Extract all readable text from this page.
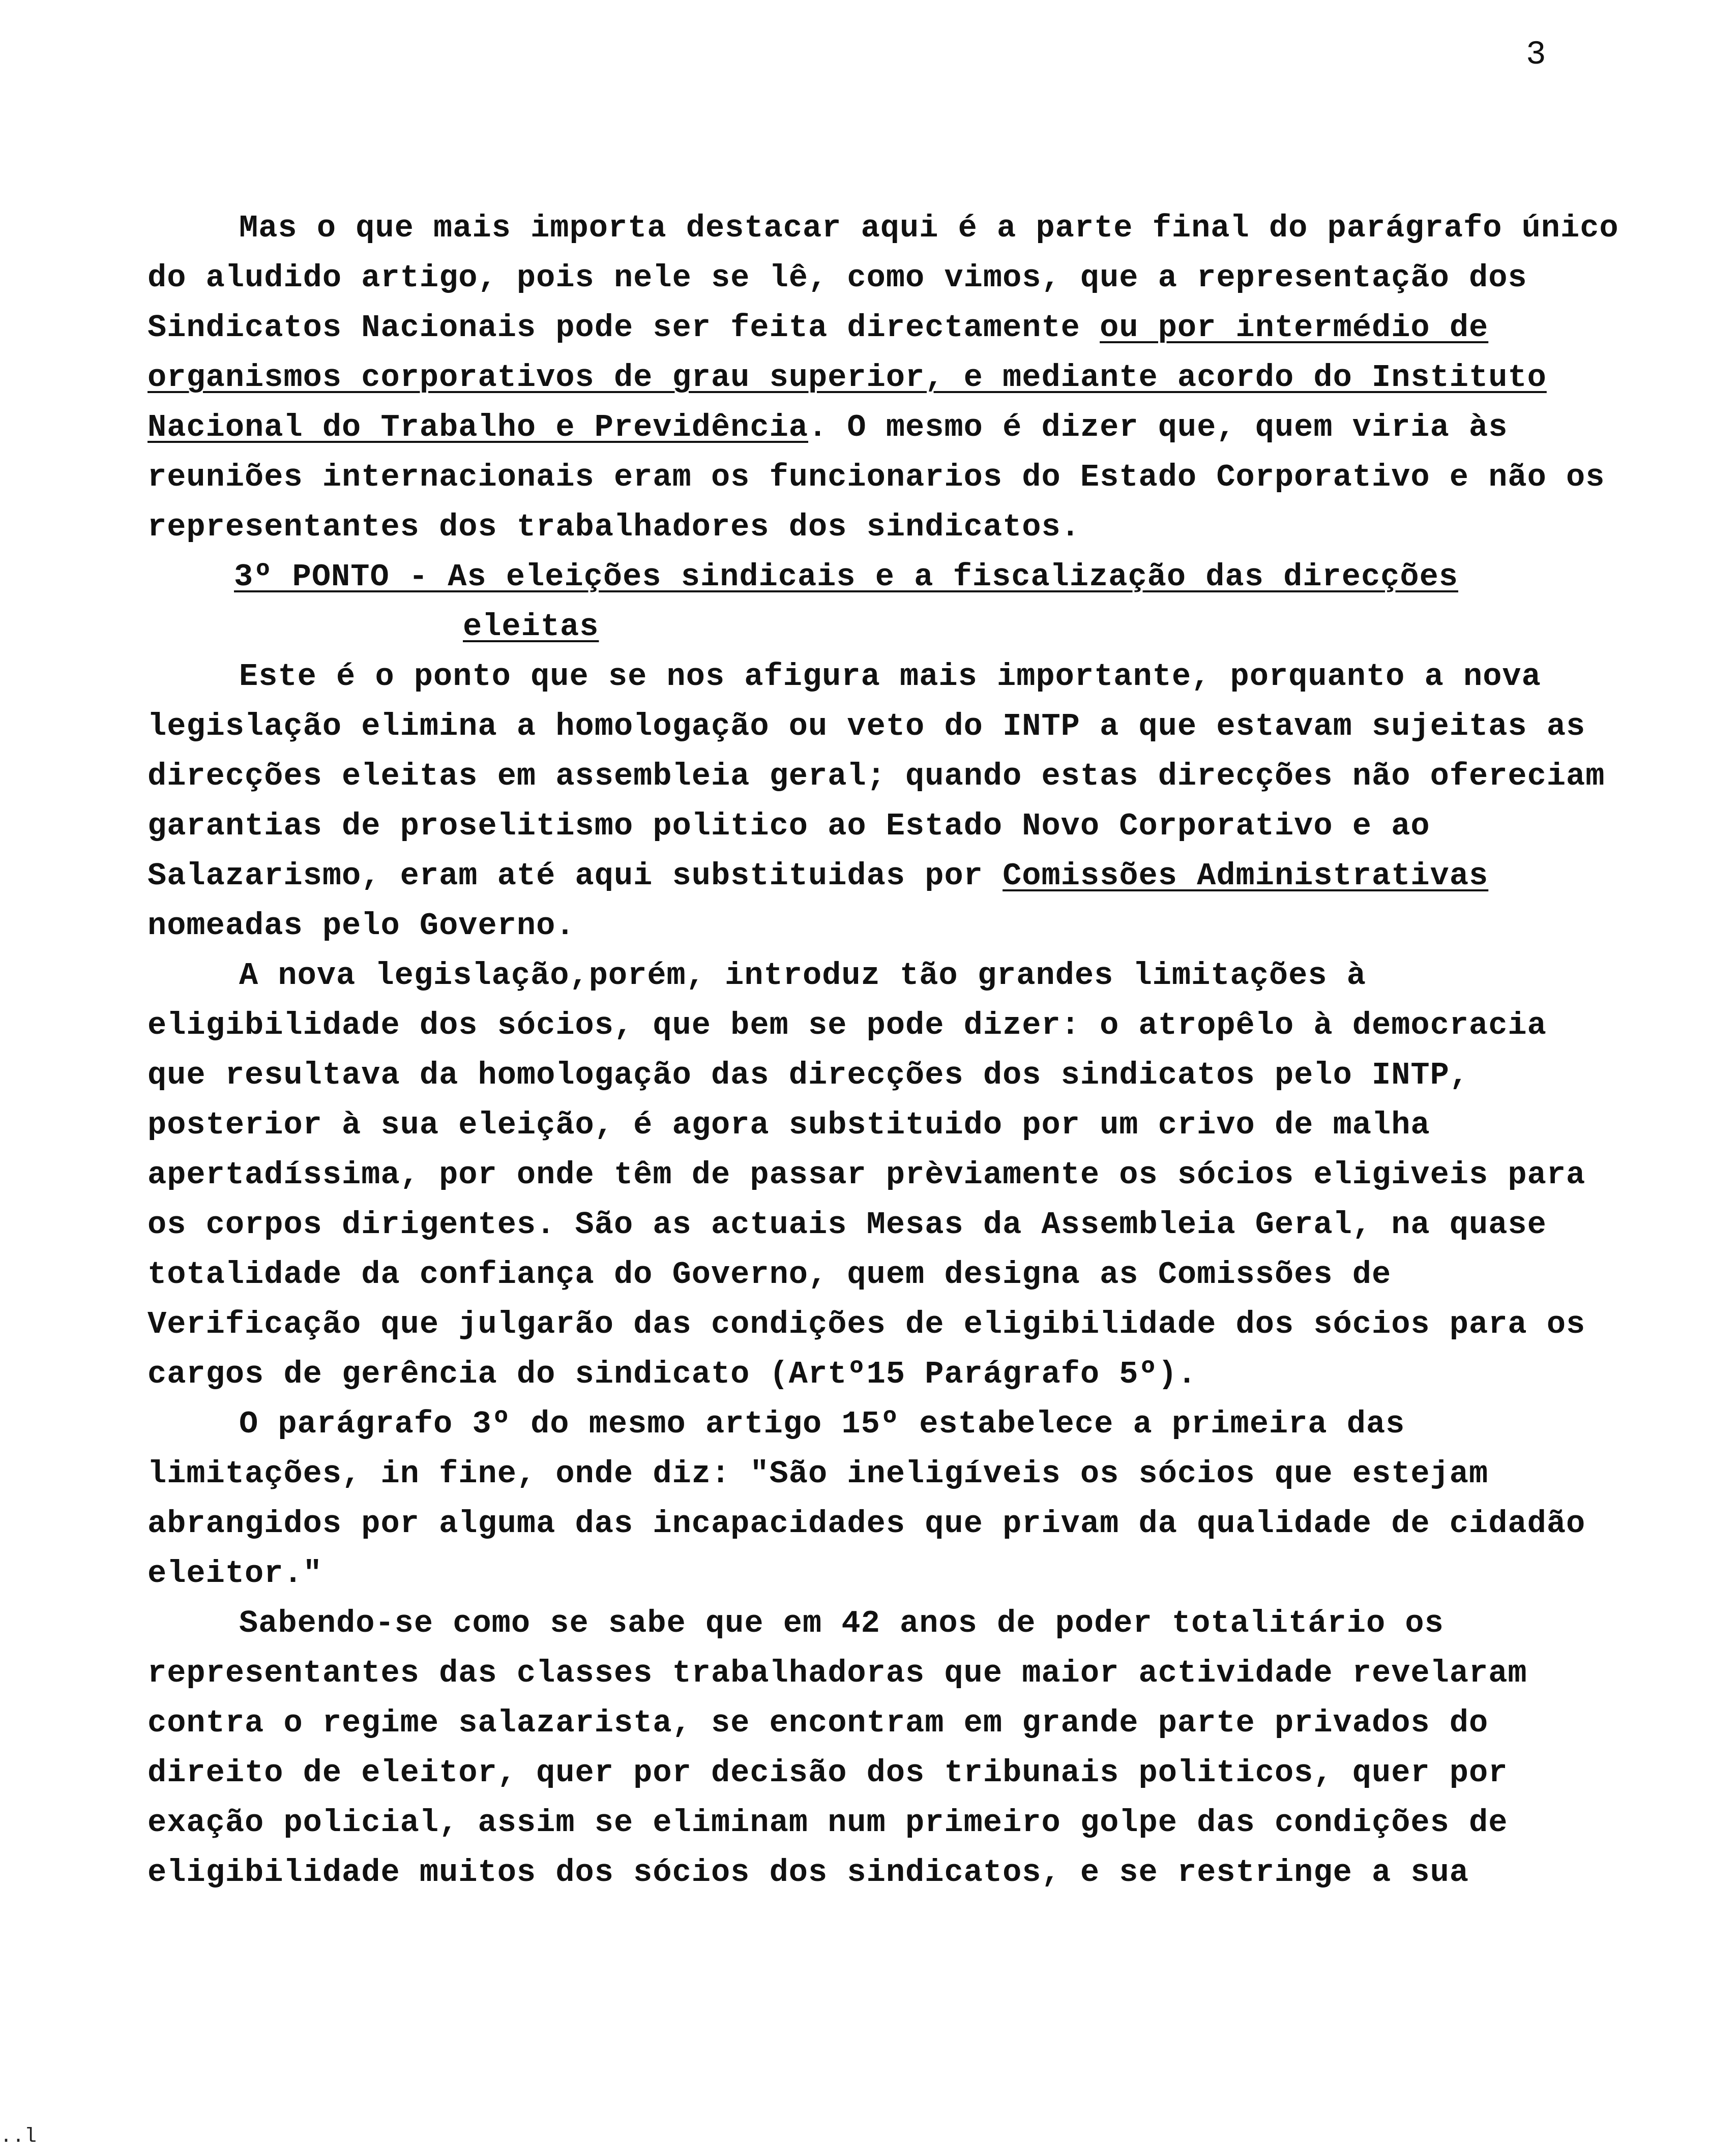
3

Mas o que mais importa destacar aqui é a parte final do parágrafo único do aludido artigo, pois nele se lê, como vimos, que a representação dos Sindicatos Nacionais pode ser feita directamente ou por intermédio de organismos corporativos de grau superior, e mediante acordo do Instituto Nacional do Trabalho e Previdência. O mesmo é dizer que, quem viria às reuniões internacionais eram os funcionarios do Estado Corporativo e não os representantes dos trabalhadores dos sindicatos.

3º PONTO - As eleições sindicais e a fiscalização das direcções
eleitas

Este é o ponto que se nos afigura mais importante, porquanto a nova legislação elimina a homologação ou veto do INTP a que estavam sujeitas as direcções eleitas em assembleia geral; quando estas direcções não ofereciam garantias de proselitismo politico ao Estado Novo Corporativo e ao Salazarismo, eram até aqui substituidas por Comissões Administrativas nomeadas pelo Governo.

A nova legislação,porém, introduz tão grandes limitações à eligibilidade dos sócios, que bem se pode dizer: o atropêlo à democracia que resultava da homologação das direcções dos sindicatos pelo INTP, posterior à sua eleição, é agora substituido por um crivo de malha apertadíssima, por onde têm de passar prèviamente os sócios eligiveis para os corpos dirigentes. São as actuais Mesas da Assembleia Geral, na quase totalidade da confiança do Governo, quem designa as Comissões de Verificação que julgarão das condições de eligibilidade dos sócios para os cargos de gerência do sindicato (Artº15 Parágrafo 5º).

O parágrafo 3º do mesmo artigo 15º estabelece a primeira das limitações, in fine, onde diz: "São ineligíveis os sócios que estejam abrangidos por alguma das incapacidades que privam da qualidade de cidadão eleitor."

Sabendo-se como se sabe que em 42 anos de poder totalitário os representantes das classes trabalhadoras que maior actividade revelaram contra o regime salazarista, se encontram em grande parte privados do direito de eleitor, quer por decisão dos tribunais politicos, quer por exação policial, assim se eliminam num primeiro golpe das condições de eligibilidade muitos dos sócios dos sindicatos, e se restringe a sua

..l
